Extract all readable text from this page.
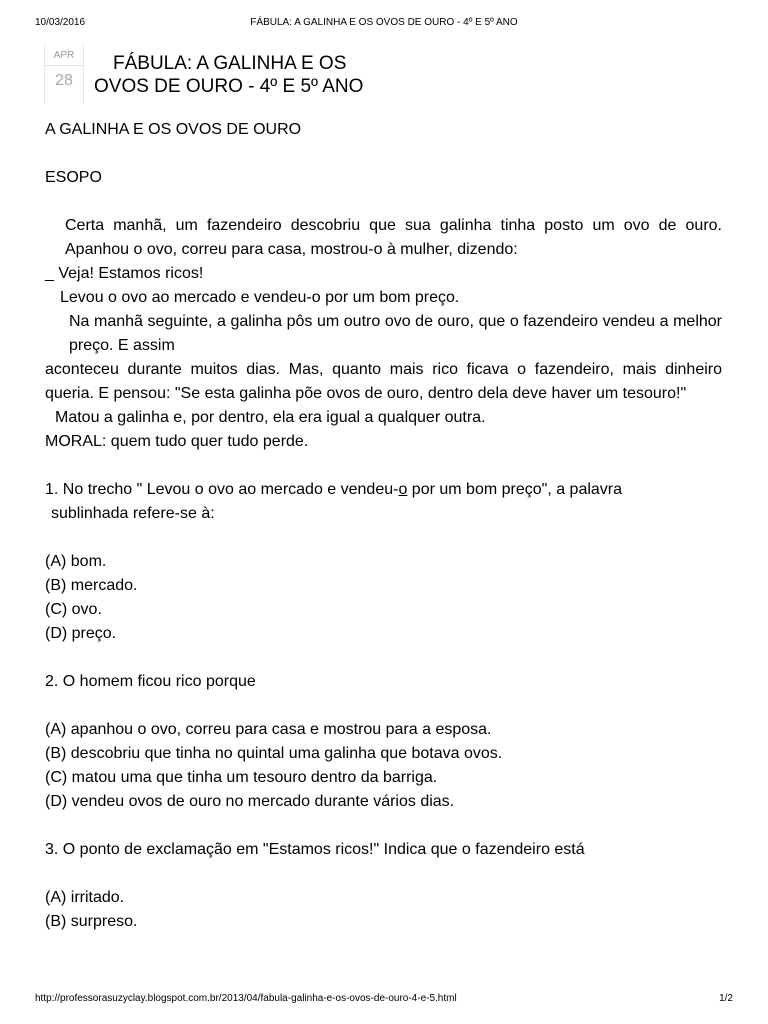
10/03/2016	FÁBULA: A GALINHA E OS OVOS DE OURO - 4º E 5º ANO
APR
28
FÁBULA: A GALINHA E OS
OVOS DE OURO - 4º E 5º ANO

A GALINHA E OS OVOS DE OURO

ESOPO

Certa manhã, um fazendeiro descobriu que sua galinha tinha posto um ovo de ouro. Apanhou o ovo, correu para casa, mostrou-o à mulher, dizendo:

_ Veja! Estamos ricos!

Levou o ovo ao mercado e vendeu-o por um bom preço.

Na manhã seguinte, a galinha pôs um outro ovo de ouro, que o fazendeiro vendeu a melhor preço. E assim

aconteceu durante muitos dias. Mas, quanto mais rico ficava o fazendeiro, mais dinheiro queria. E pensou: "Se esta galinha põe ovos de ouro, dentro dela deve haver um tesouro!"

Matou a galinha e, por dentro, ela era igual a qualquer outra.

MORAL: quem tudo quer tudo perde.

1. No trecho " Levou o ovo ao mercado e vendeu-o por um bom preço", a palavra

sublinhada refere-se à:

(A) bom.

(B) mercado.

(C) ovo.

(D) preço.

2. O homem ficou rico porque

(A) apanhou o ovo, correu para casa e mostrou para a esposa.

(B) descobriu que tinha no quintal uma galinha que botava ovos.

(C) matou uma que tinha um tesouro dentro da barriga.

(D) vendeu ovos de ouro no mercado durante vários dias.

3. O ponto de exclamação em "Estamos ricos!" Indica que o fazendeiro está

(A) irritado.

(B) surpreso.

http://professorasuzyclay.blogspot.com.br/2013/04/fabula-galinha-e-os-ovos-de-ouro-4-e-5.html	1/2
